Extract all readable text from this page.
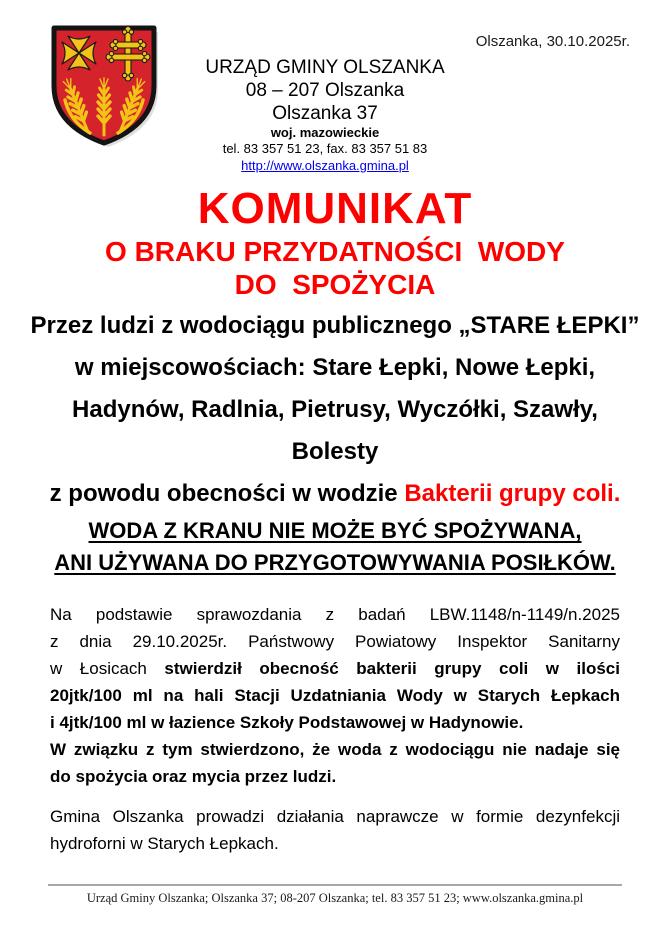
Olszanka, 30.10.2025r.
URZĄD GMINY OLSZANKA
08 – 207 Olszanka
Olszanka 37
woj. mazowieckie
tel. 83 357 51 23, fax. 83 357 51 83
http://www.olszanka.gmina.pl
KOMUNIKAT
O BRAKU PRZYDATNOŚCI  WODY
DO  SPOŻYCIA
Przez ludzi z wodociągu publicznego „STARE ŁEPKI”
w miejscowościach: Stare Łepki, Nowe Łepki,
Hadynów, Radlnia, Pietrusy, Wyczółki, Szawły,
Bolesty
z powodu obecności w wodzie Bakterii grupy coli.
WODA Z KRANU NIE MOŻE BYĆ SPOŻYWANA,
ANI UŻYWANA DO PRZYGOTOWYWANIA POSIŁKÓW.
Na podstawie sprawozdania z badań LBW.1148/n-1149/n.2025
z dnia 29.10.2025r. Państwowy Powiatowy Inspektor Sanitarny
w Łosicach stwierdził obecność bakterii grupy coli w ilości
20jtk/100 ml na hali Stacji Uzdatniania Wody w Starych Łepkach
i 4jtk/100 ml w łazience Szkoły Podstawowej w Hadynowie.
W związku z tym stwierdzono, że woda z wodociągu nie nadaje się
do spożycia oraz mycia przez ludzi.
Gmina Olszanka prowadzi działania naprawcze w formie dezynfekcji
hydroforni w Starych Łepkach.
Urząd Gminy Olszanka; Olszanka 37; 08-207 Olszanka; tel. 83 357 51 23; www.olszanka.gmina.pl
